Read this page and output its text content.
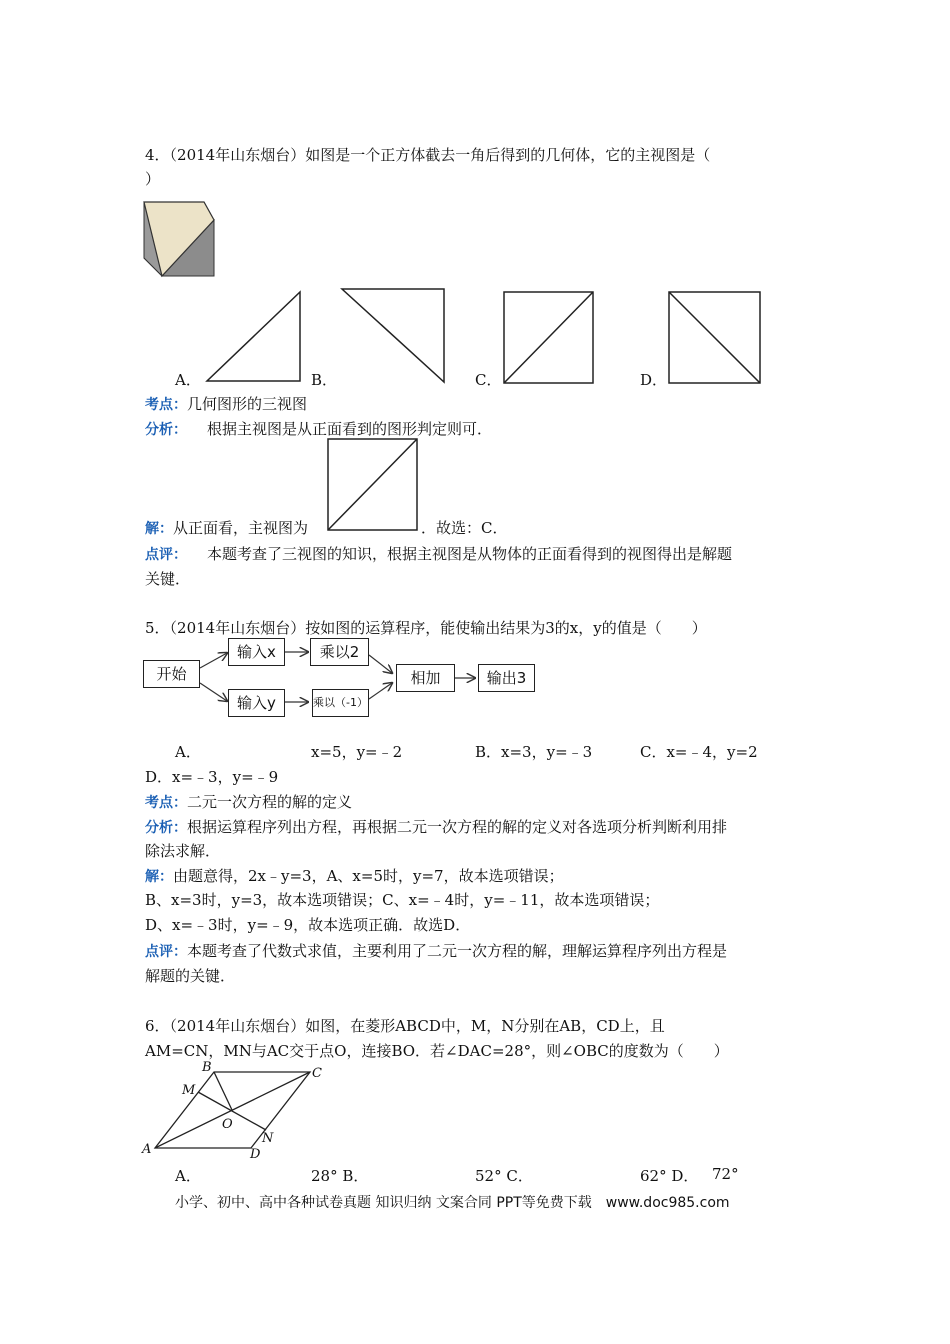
4．（2014年山东烟台）如图是一个正方体截去一角后得到的几何体，它的主视图是（
）
A．	B．	C．	D．
考点：几何图形的三视图
分析： 根据主视图是从正面看到的图形判定则可．
解：从正面看，主视图为	．故选：C．
点评： 本题考查了三视图的知识，根据主视图是从物体的正面看得到的视图得出是解题
关键．
5．（2014年山东烟台）按如图的运算程序，能使输出结果为3的x，y的值是（　　）
开始
输入x
输入y
乘以2
乘以（-1）
相加	输出3
A．	x=5，y=﹣2	B．x=3，y=﹣3	C．x=﹣4，y=2
D．x=﹣3，y=﹣9
考点：二元一次方程的解的定义
分析：根据运算程序列出方程，再根据二元一次方程的解的定义对各选项分析判断利用排
除法求解．
解：由题意得，2x﹣y=3，A、x=5时，y=7，故本选项错误；
B、x=3时，y=3，故本选项错误；C、x=﹣4时，y=﹣11，故本选项错误；
D、x=﹣3时，y=﹣9，故本选项正确．故选D．
点评：本题考查了代数式求值，主要利用了二元一次方程的解，理解运算程序列出方程是
解题的关键．
6．（2014年山东烟台）如图，在菱形ABCD中，M，N分别在AB，CD上，且
AM=CN，MN与AC交于点O，连接BO．若∠DAC=28°，则∠OBC的度数为（　　）
A
B	C
D
M
N
O
A．	28° B．	52° C．	62° D． 72°
小学、初中、高中各种试卷真题 知识归纳 文案合同 PPT等免费下载　www.doc985.com
